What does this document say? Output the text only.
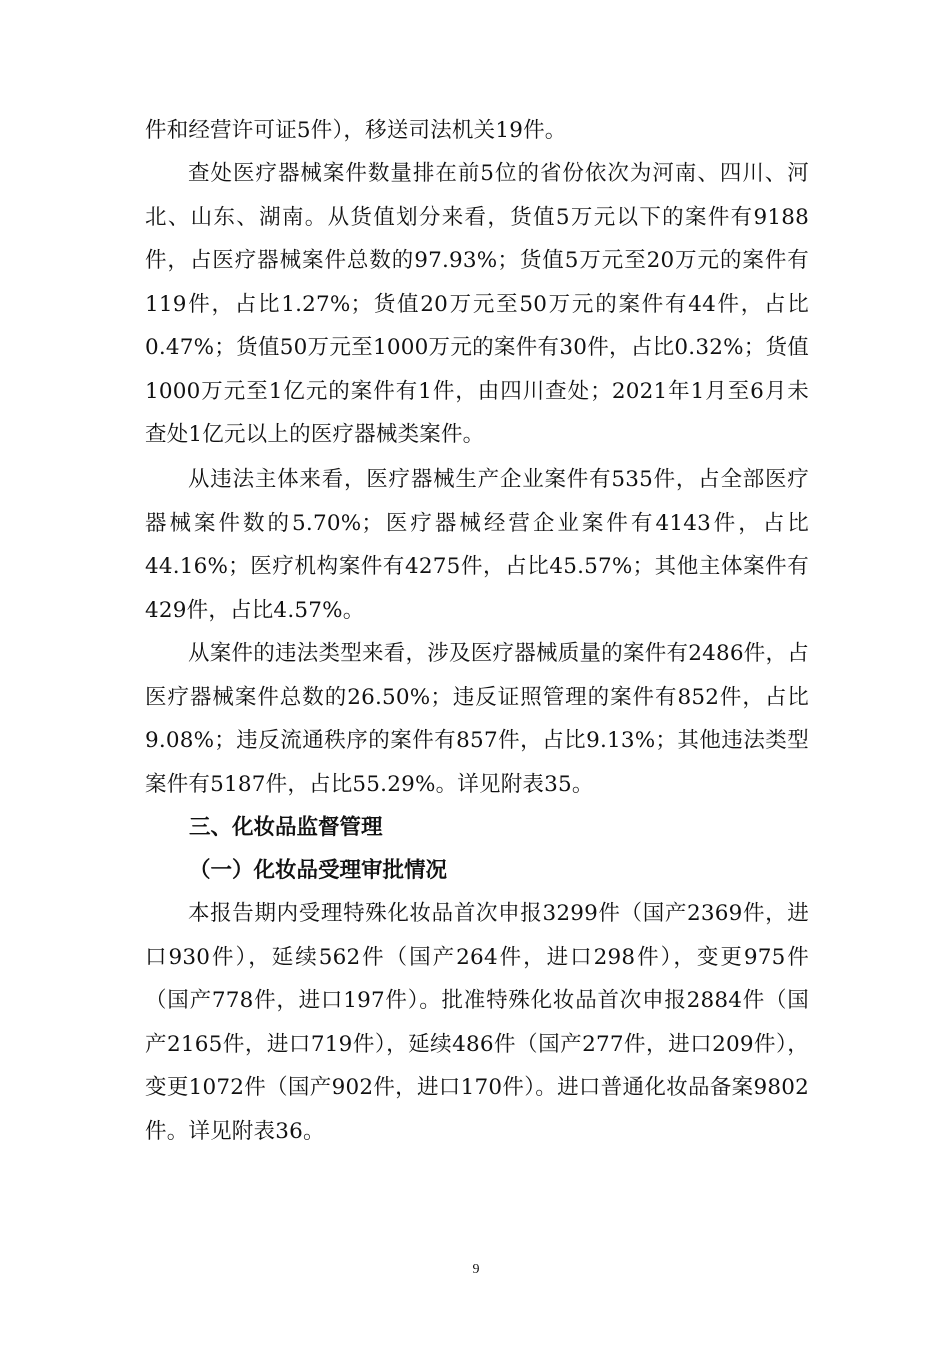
件和经营许可证5件），移送司法机关19件。

查处医疗器械案件数量排在前5位的省份依次为河南、四川、河北、山东、湖南。从货值划分来看，货值5万元以下的案件有9188件，占医疗器械案件总数的97.93%；货值5万元至20万元的案件有119件，占比1.27%；货值20万元至50万元的案件有44件，占比0.47%；货值50万元至1000万元的案件有30件，占比0.32%；货值1000万元至1亿元的案件有1件，由四川查处；2021年1月至6月未查处1亿元以上的医疗器械类案件。

从违法主体来看，医疗器械生产企业案件有535件，占全部医疗器械案件数的5.70%；医疗器械经营企业案件有4143件，占比44.16%；医疗机构案件有4275件，占比45.57%；其他主体案件有429件，占比4.57%。

从案件的违法类型来看，涉及医疗器械质量的案件有2486件，占医疗器械案件总数的26.50%；违反证照管理的案件有852件，占比9.08%；违反流通秩序的案件有857件，占比9.13%；其他违法类型案件有5187件，占比55.29%。详见附表35。

三、化妆品监督管理
（一）化妆品受理审批情况

本报告期内受理特殊化妆品首次申报3299件（国产2369件，进口930件），延续562件（国产264件，进口298件），变更975件（国产778件，进口197件）。批准特殊化妆品首次申报2884件（国产2165件，进口719件），延续486件（国产277件，进口209件），变更1072件（国产902件，进口170件）。进口普通化妆品备案9802件。详见附表36。

9
